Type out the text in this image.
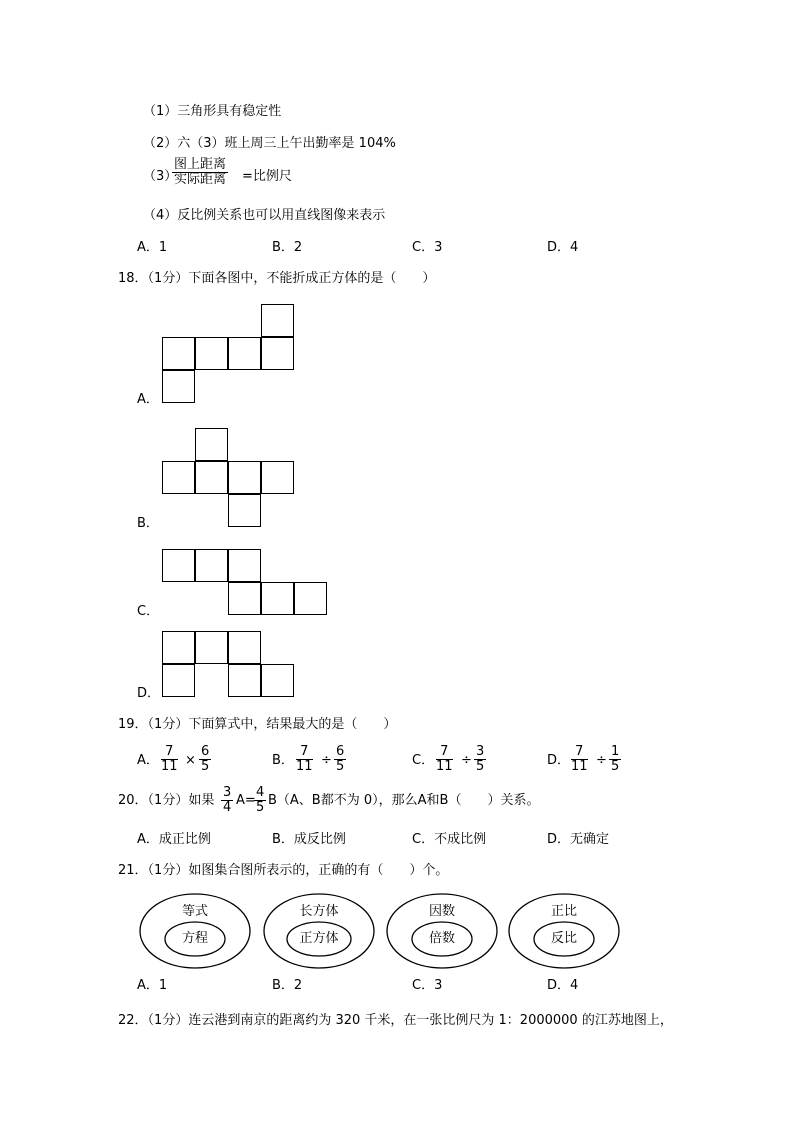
（1）三角形具有稳定性
（2）六（3）班上周三上午出勤率是 104%
（3）
图上距离
实际距离 =比例尺
（4）反比例关系也可以用直线图像来表示
A．1	B．2	C．3	D．4
18．（1分）下面各图中，不能折成正方体的是（　　）
A．
B．
C．
D．
19．（1分）下面算式中，结果最大的是（　　）
A． $\frac{7}{11} \times \frac{6}{5}$	B． $\frac{7}{11} \div \frac{6}{5}$	C． $\frac{7}{11} \div \frac{3}{5}$	D． $\frac{7}{11} \div \frac{1}{5}$
20．（1分）如果 $\frac{3}{4} A=$
$\frac{4}{5} B(A$、B都不为 0），那么A和B（　　）关系。
A．成正比例	B．成反比例	C．不成比例	D．无确定
21．（1分）如图集合图所表示的，正确的有（　　）个。
等式
方程
长方体
正方体
因数
倍数
正比
反比
A．1	B．2	C．3	D．4
22．（1分）连云港到南京的距离约为 320 千米，在一张比例尺为 1：2000000 的江苏地图上，
